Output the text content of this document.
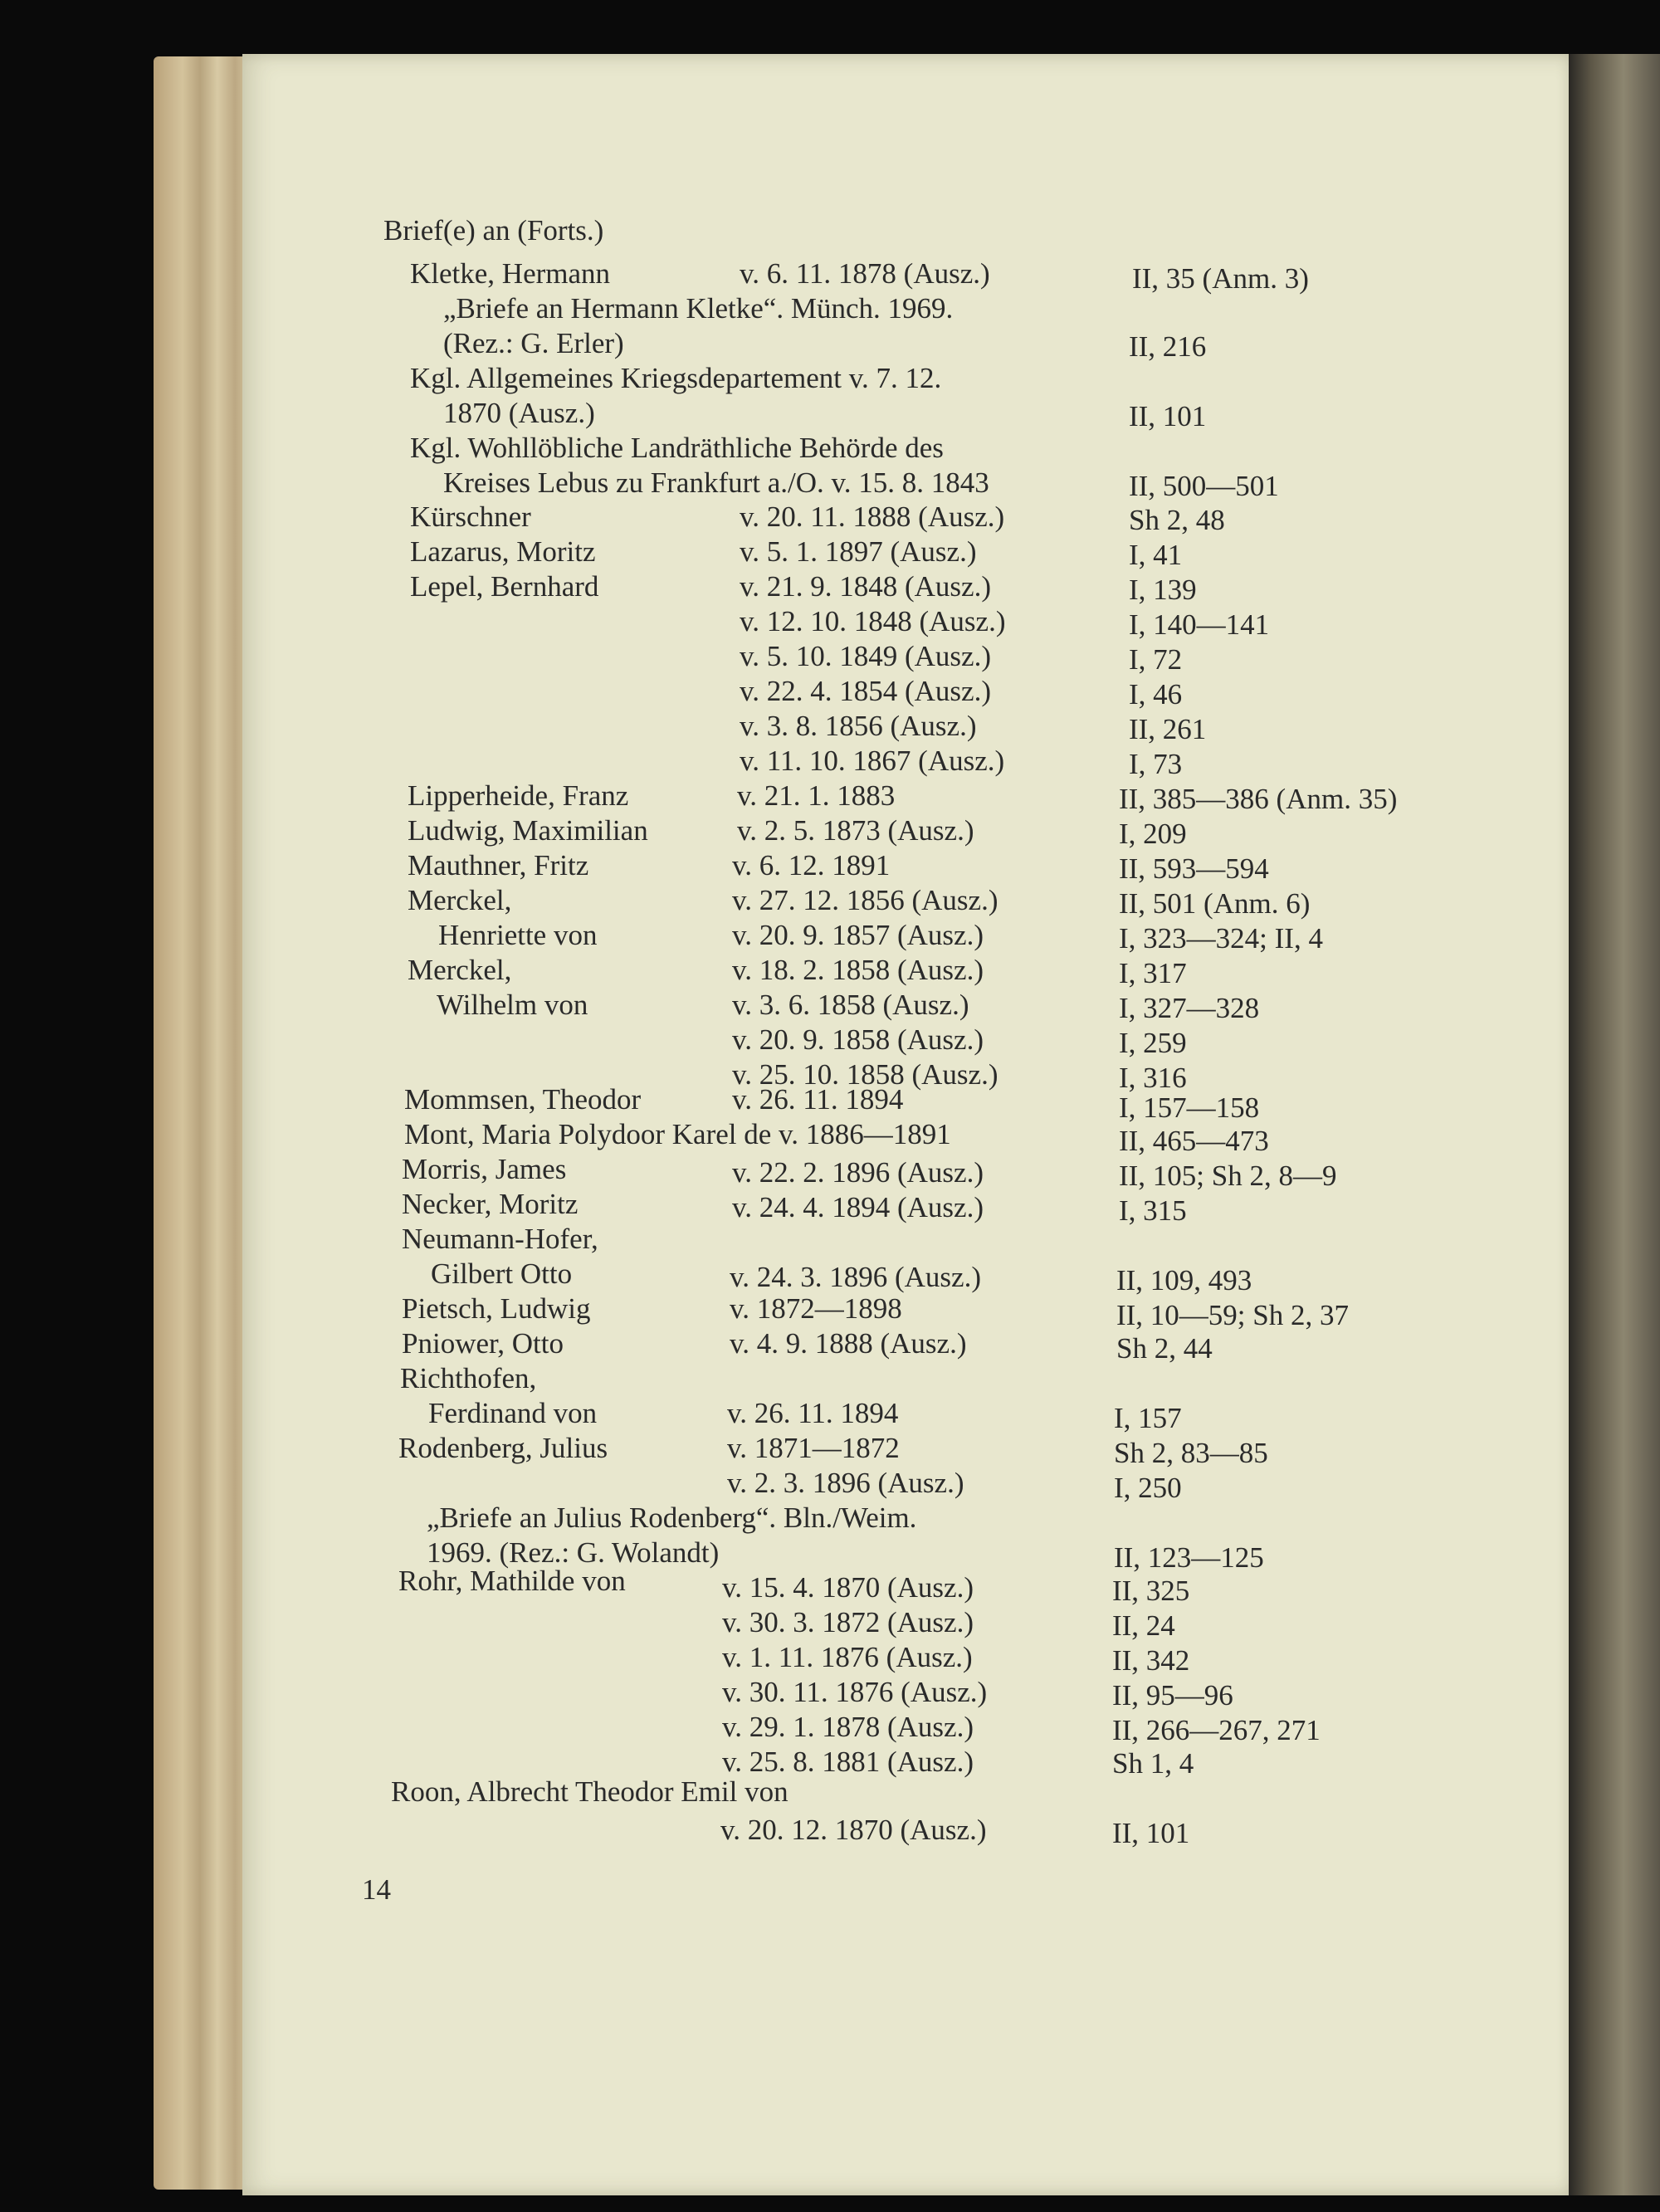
Brief(e) an (Forts.)
Kletke, Hermann	v. 6. 11. 1878 (Ausz.)	II, 35 (Anm. 3)
„Briefe an Hermann Kletke“. Münch. 1969.
(Rez.: G. Erler)	II, 216
Kgl. Allgemeines Kriegsdepartement v. 7. 12.
1870 (Ausz.)	II, 101
Kgl. Wohllöbliche Landräthliche Behörde des
Kreises Lebus zu Frankfurt a./O. v. 15. 8. 1843	II, 500—501
Kürschner	v. 20. 11. 1888 (Ausz.)	Sh 2, 48
Lazarus, Moritz	v. 5. 1. 1897 (Ausz.)	I, 41
Lepel, Bernhard	v. 21. 9. 1848 (Ausz.)	I, 139
v. 12. 10. 1848 (Ausz.)	I, 140—141
v. 5. 10. 1849 (Ausz.)	I, 72
v. 22. 4. 1854 (Ausz.)	I, 46
v. 3. 8. 1856 (Ausz.)	II, 261
v. 11. 10. 1867 (Ausz.)	I, 73
Lipperheide, Franz	v. 21. 1. 1883	II, 385—386 (Anm. 35)
Ludwig, Maximilian	v. 2. 5. 1873 (Ausz.)	I, 209
Mauthner, Fritz	v. 6. 12. 1891	II, 593—594
Merckel,	v. 27. 12. 1856 (Ausz.)	II, 501 (Anm. 6)
Henriette von	v. 20. 9. 1857 (Ausz.)	I, 323—324; II, 4
Merckel,	v. 18. 2. 1858 (Ausz.)	I, 317
Wilhelm von	v. 3. 6. 1858 (Ausz.)	I, 327—328
v. 20. 9. 1858 (Ausz.)	I, 259
v. 25. 10. 1858 (Ausz.)	I, 316
Mommsen, Theodor	v. 26. 11. 1894	I, 157—158
Mont, Maria Polydoor Karel de v. 1886—1891	II, 465—473
Morris, James	v. 22. 2. 1896 (Ausz.)	II, 105; Sh 2, 8—9
Necker, Moritz	v. 24. 4. 1894 (Ausz.)	I, 315
Neumann-Hofer,
Gilbert Otto	v. 24. 3. 1896 (Ausz.)	II, 109, 493
Pietsch, Ludwig	v. 1872—1898	II, 10—59; Sh 2, 37
Pniower, Otto	v. 4. 9. 1888 (Ausz.)	Sh 2, 44
Richthofen,
Ferdinand von	v. 26. 11. 1894	I, 157
Rodenberg, Julius	v. 1871—1872	Sh 2, 83—85
v. 2. 3. 1896 (Ausz.)	I, 250
„Briefe an Julius Rodenberg“. Bln./Weim.
1969. (Rez.: G. Wolandt)	II, 123—125
Rohr, Mathilde von	v. 15. 4. 1870 (Ausz.)	II, 325
v. 30. 3. 1872 (Ausz.)	II, 24
v. 1. 11. 1876 (Ausz.)	II, 342
v. 30. 11. 1876 (Ausz.)	II, 95—96
v. 29. 1. 1878 (Ausz.)	II, 266—267, 271
v. 25. 8. 1881 (Ausz.)	Sh 1, 4
Roon, Albrecht Theodor Emil von
v. 20. 12. 1870 (Ausz.)	II, 101
14
